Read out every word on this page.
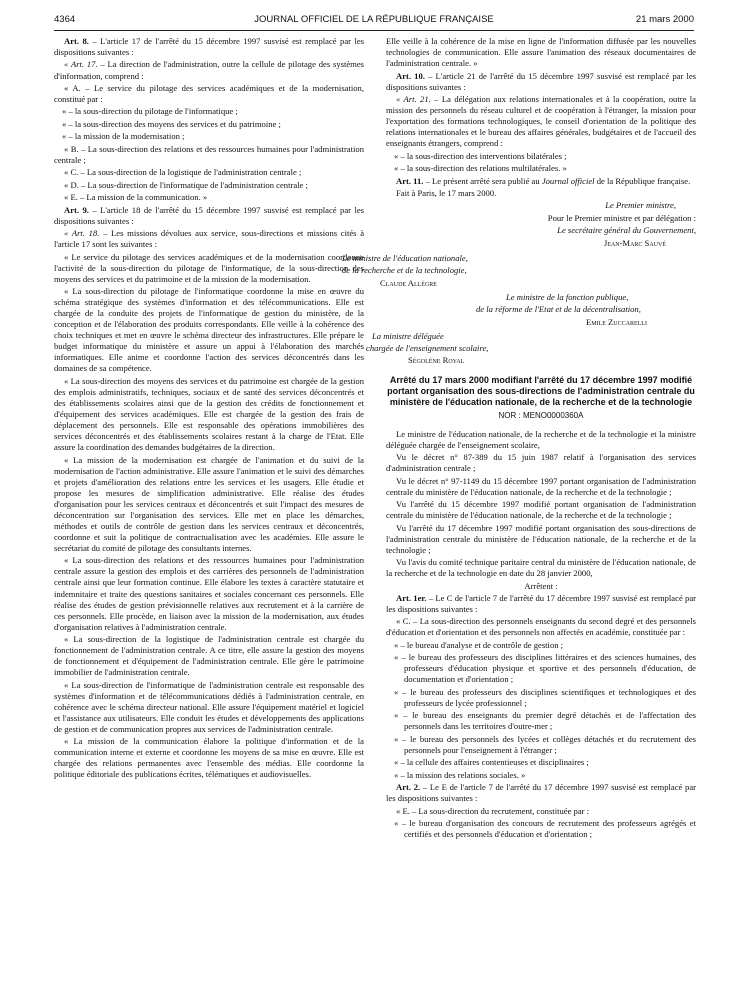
4364	JOURNAL OFFICIEL DE LA RÉPUBLIQUE FRANÇAISE	21 mars 2000

Art. 8. – L'article 17 de l'arrêté du 15 décembre 1997 susvisé est remplacé par les dispositions suivantes :

« Art. 17. – La direction de l'administration, outre la cellule de pilotage des systèmes d'information, comprend :

« A. – Le service du pilotage des services académiques et de la modernisation, constitué par :

« – la sous-direction du pilotage de l'informatique ;

« – la sous-direction des moyens des services et du patrimoine ;

« – la mission de la modernisation ;

« B. – La sous-direction des relations et des ressources humaines pour l'administration centrale ;

« C. – La sous-direction de la logistique de l'administration centrale ;

« D. – La sous-direction de l'informatique de l'administration centrale ;

« E. – La mission de la communication. »

Art. 9. – L'article 18 de l'arrêté du 15 décembre 1997 susvisé est remplacé par les dispositions suivantes :

« Art. 18. – Les missions dévolues aux service, sous-directions et missions cités à l'article 17 sont les suivantes :

« Le service du pilotage des services académiques et de la modernisation coordonne l'activité de la sous-direction du pilotage de l'informatique, de la sous-direction des moyens des services et du patrimoine et de la mission de la modernisation.

« La sous-direction du pilotage de l'informatique coordonne la mise en œuvre du schéma stratégique des systèmes d'information et des télécommunications. Elle est chargée de la conduite des projets de l'informatique de gestion du ministère, de la conception et de l'élaboration des produits correspondants. Elle veille à la cohérence des choix techniques et met en œuvre le schéma directeur des infrastructures. Elle prépare le budget informatique du ministère et assure un appui à l'élaboration des marchés informatiques. Elle anime et coordonne l'action des services déconcentrés dans les domaines de sa compétence.

« La sous-direction des moyens des services et du patrimoine est chargée de la gestion des emplois administratifs, techniques, sociaux et de santé des services déconcentrés et des établissements scolaires ainsi que de la gestion des crédits de fonctionnement et d'équipement des services académiques. Elle est chargée de la gestion des frais de déplacement des personnels. Elle est responsable des opérations immobilières des services déconcentrés et des établissements scolaires restant à la charge de l'Etat. Elle assure la coordination des demandes budgétaires de la direction.

« La mission de la modernisation est chargée de l'animation et du suivi de la modernisation de l'action administrative. Elle assure l'animation et le suivi des démarches et projets d'amélioration des relations entre les services et les usagers. Elle étudie et propose les mesures de simplification administrative. Elle réalise des études d'organisation pour les services centraux et déconcentrés et suit l'impact des mesures de déconcentration sur l'organisation des services. Elle met en place les démarches, méthodes et outils de contrôle de gestion dans les services centraux et déconcentrés, coordonne et suit la politique de contractualisation avec les académies. Elle assure le secrétariat du comité de pilotage des consultants internes.

« La sous-direction des relations et des ressources humaines pour l'administration centrale assure la gestion des emplois et des carrières des personnels de l'administration centrale ainsi que leur formation continue. Elle élabore les textes à caractère statutaire et indemnitaire et traite des questions sanitaires et sociales concernant ces personnels. Elle réalise des études de gestion prévisionnelle relatives aux recrutement et à la carrière de ces personnels. Elle procède, en liaison avec la mission de la modernisation, aux études d'organisation relatives à l'administration centrale.

« La sous-direction de la logistique de l'administration centrale est chargée du fonctionnement de l'administration centrale. A ce titre, elle assure la gestion des moyens de fonctionnement et d'équipement de l'administration centrale. Elle gère le patrimoine immobilier de l'administration centrale.

« La sous-direction de l'informatique de l'administration centrale est responsable des systèmes d'information et de télécommunications dédiés à l'administration centrale, en cohérence avec le schéma directeur national. Elle assure l'équipement matériel et logiciel et l'assistance aux utilisateurs. Elle conduit les études et développements des applications de gestion et de communication propres aux services de l'administration centrale.

« La mission de la communication élabore la politique d'information et de la communication interne et externe et coordonne les moyens de sa mise en œuvre. Elle est chargée des relations permanentes avec l'ensemble des médias. Elle coordonne la politique éditoriale des publications écrites, télématiques et audiovisuelles.

Elle veille à la cohérence de la mise en ligne de l'information diffusée par les nouvelles technologies de communication. Elle assure l'animation des réseaux documentaires de l'administration centrale. »

Art. 10. – L'article 21 de l'arrêté du 15 décembre 1997 susvisé est remplacé par les dispositions suivantes :

« Art. 21. – La délégation aux relations internationales et à la coopération, outre la mission des personnels du réseau culturel et de coopération à l'étranger, la mission pour l'exportation des formations technologiques, le conseil d'orientation de la politique des relations internationales et le bureau des affaires générales, budgétaires et de l'accueil des enseignants étrangers, comprend :

« – la sous-direction des interventions bilatérales ;

« – la sous-direction des relations multilatérales. »

Art. 11. – Le présent arrêté sera publié au Journal officiel de la République française.

Fait à Paris, le 17 mars 2000.

Le Premier ministre,

Pour le Premier ministre et par délégation :

Le secrétaire général du Gouvernement,

Jean-Marc Sauvé

Le ministre de l'éducation nationale,

de la recherche et de la technologie,

Claude Allègre

Le ministre de la fonction publique,

de la réforme de l'Etat et de la décentralisation,

Emile Zuccarelli

La ministre déléguée

chargée de l'enseignement scolaire,

Ségolène Royal

Arrêté du 17 mars 2000 modifiant l'arrêté du 17 décembre 1997 modifié portant organisation des sous-directions de l'administration centrale du ministère de l'éducation nationale, de la recherche et de la technologie
NOR : MENO0000360A

Le ministre de l'éducation nationale, de la recherche et de la technologie et la ministre déléguée chargée de l'enseignement scolaire,

Vu le décret n° 87-389 du 15 juin 1987 relatif à l'organisation des services d'administration centrale ;

Vu le décret n° 97-1149 du 15 décembre 1997 portant organisation de l'administration centrale du ministère de l'éducation nationale, de la recherche et de la technologie ;

Vu l'arrêté du 15 décembre 1997 modifié portant organisation de l'administration centrale du ministère de l'éducation nationale, de la recherche et de la technologie ;

Vu l'arrêté du 17 décembre 1997 modifié portant organisation des sous-directions de l'administration centrale du ministère de l'éducation nationale, de la recherche et de la technologie ;

Vu l'avis du comité technique paritaire central du ministère de l'éducation nationale, de la recherche et de la technologie en date du 28 janvier 2000,

Arrêtent :

Art. 1er. – Le C de l'article 7 de l'arrêté du 17 décembre 1997 susvisé est remplacé par les dispositions suivantes :

« C. – La sous-direction des personnels enseignants du second degré et des personnels d'éducation et d'orientation et des personnels non affectés en académie, constituée par :

« – le bureau d'analyse et de contrôle de gestion ;

« – le bureau des professeurs des disciplines littéraires et des sciences humaines, des professeurs d'éducation physique et sportive et des personnels d'éducation, de documentation et d'orientation ;

« – le bureau des professeurs des disciplines scientifiques et technologiques et des professeurs de lycée professionnel ;

« – le bureau des enseignants du premier degré détachés et de l'affectation des personnels dans les territoires d'outre-mer ;

« – le bureau des personnels des lycées et collèges détachés et du recrutement des personnels pour l'enseignement à l'étranger ;

« – la cellule des affaires contentieuses et disciplinaires ;

« – la mission des relations sociales. »

Art. 2. – Le E de l'article 7 de l'arrêté du 17 décembre 1997 susvisé est remplacé par les dispositions suivantes :

« E. – La sous-direction du recrutement, constituée par :

« – le bureau d'organisation des concours de recrutement des professeurs agrégés et certifiés et des personnels d'éducation et d'orientation ;
